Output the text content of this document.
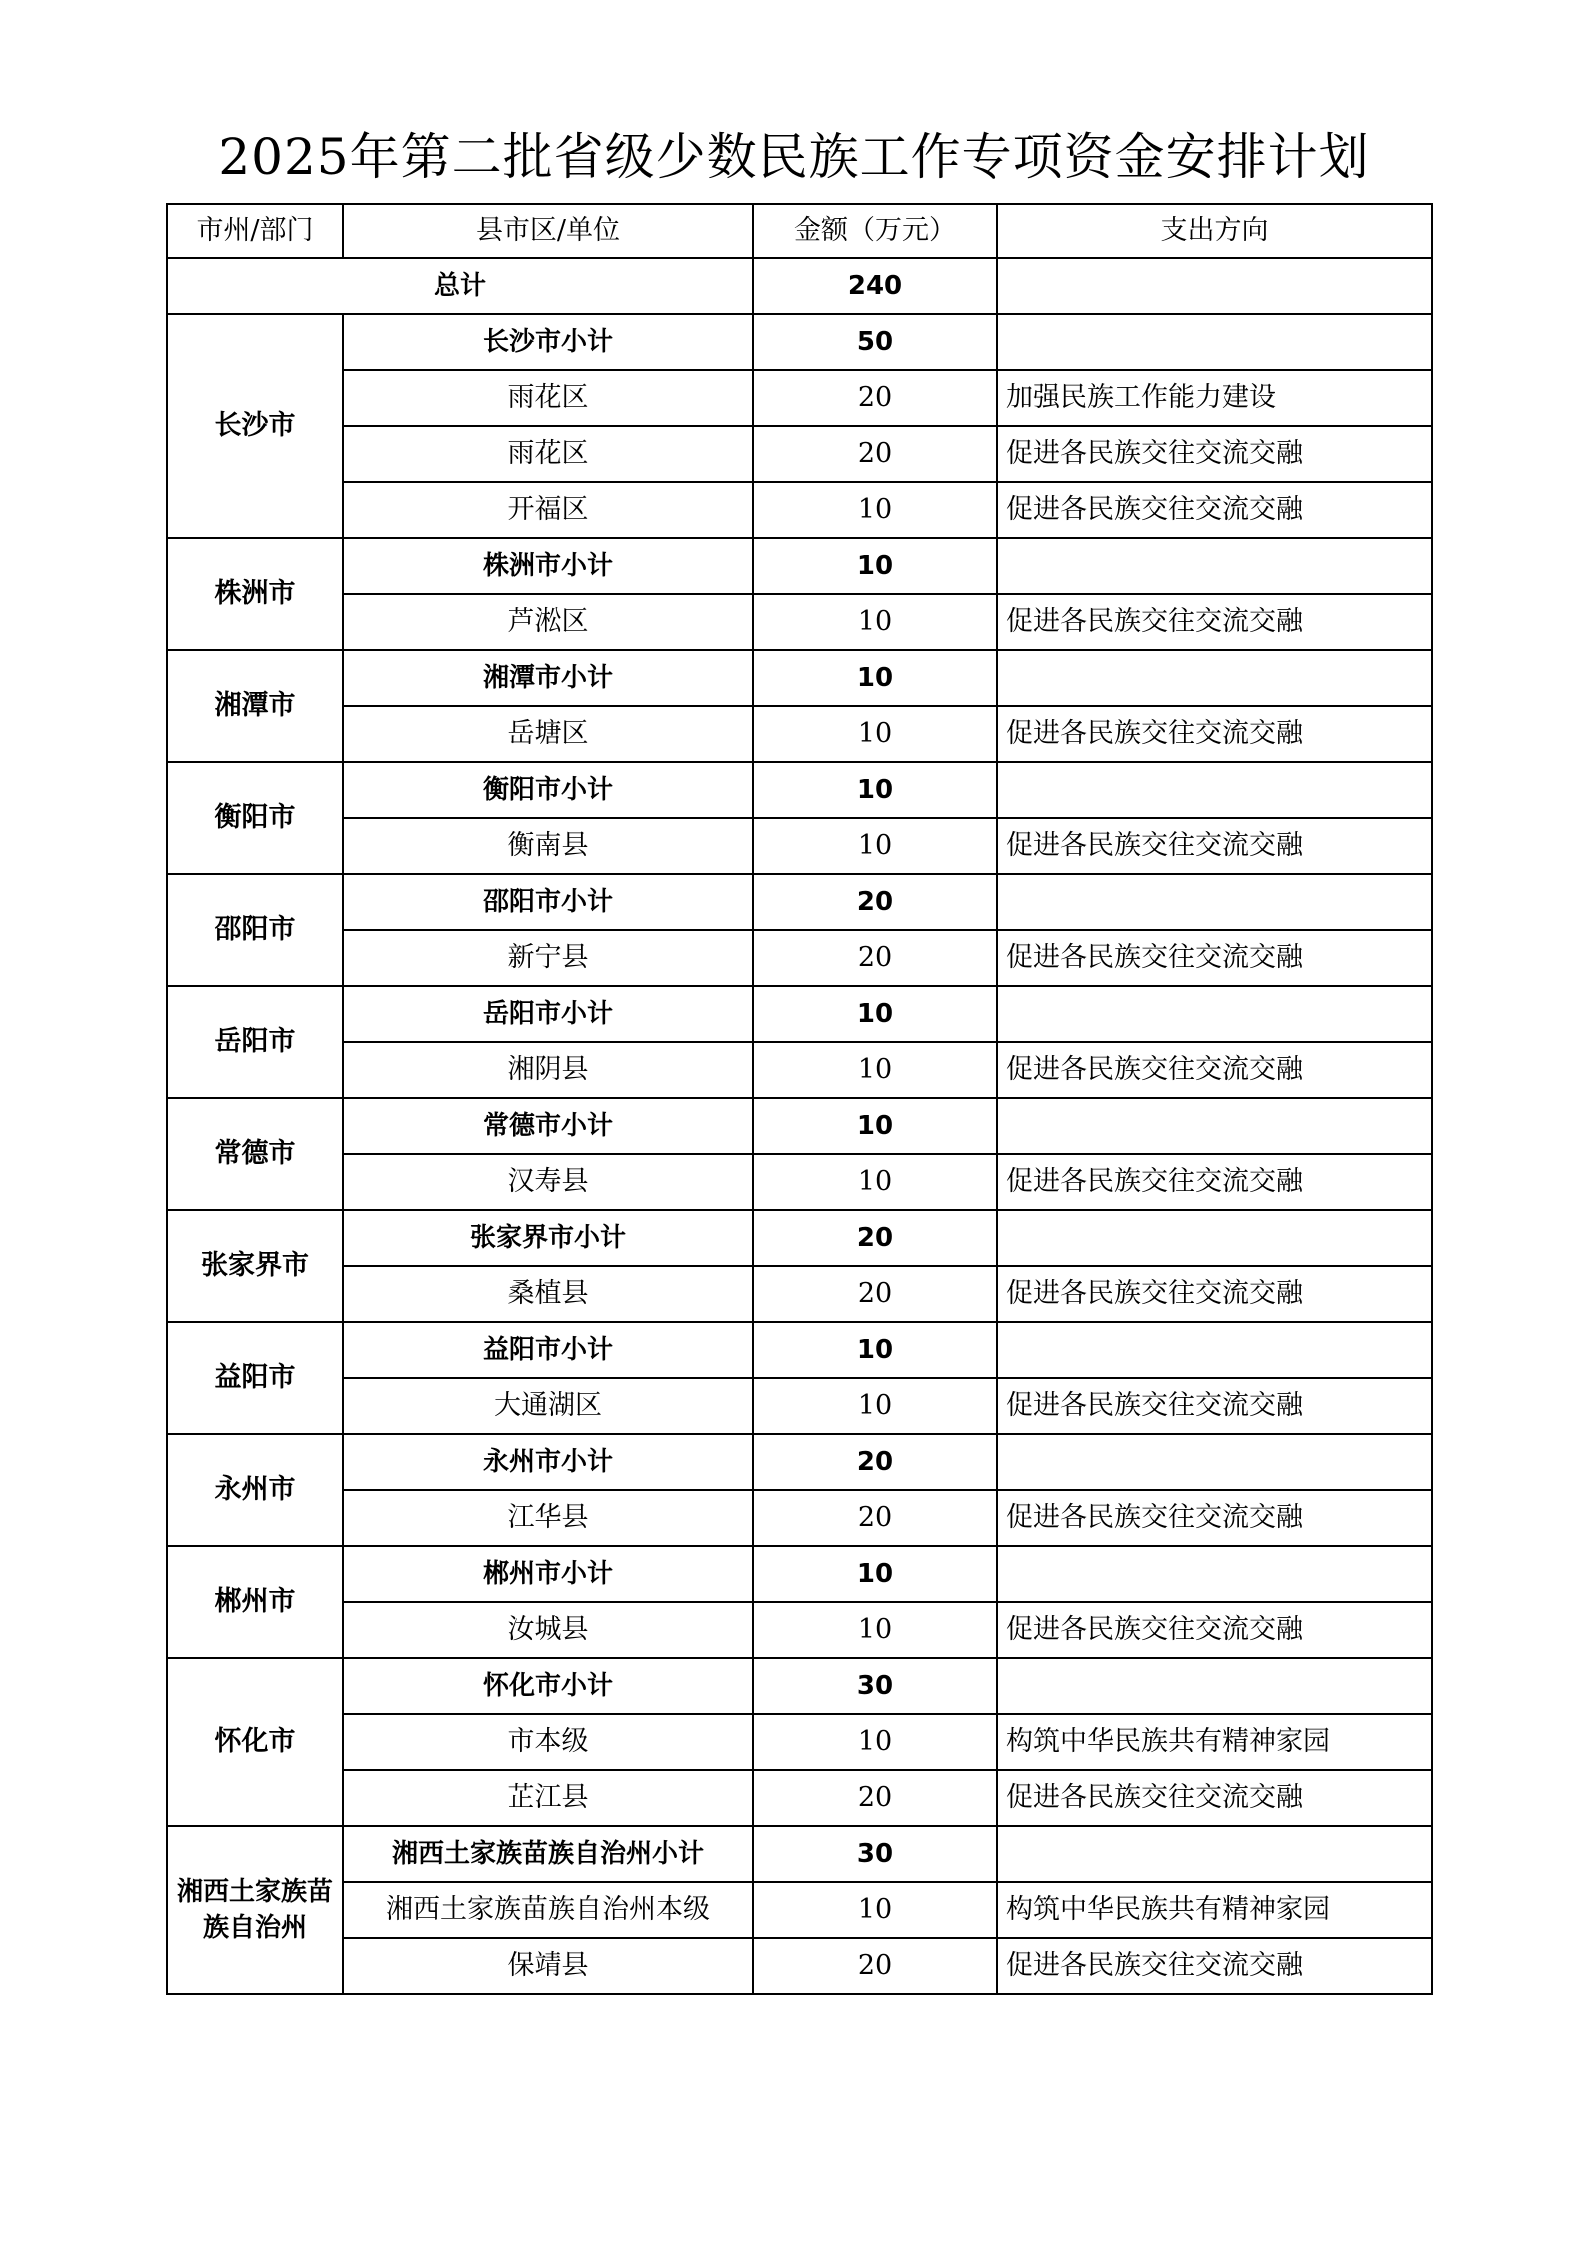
2025年第二批省级少数民族工作专项资金安排计划
市州/部门	县市区/单位	金额（万元）	支出方向
总计		240	
长沙市	长沙市小计	50	
	雨花区	20	加强民族工作能力建设
	雨花区	20	促进各民族交往交流交融
	开福区	10	促进各民族交往交流交融
株洲市	株洲市小计	10	
	芦淞区	10	促进各民族交往交流交融
湘潭市	湘潭市小计	10	
	岳塘区	10	促进各民族交往交流交融
衡阳市	衡阳市小计	10	
	衡南县	10	促进各民族交往交流交融
邵阳市	邵阳市小计	20	
	新宁县	20	促进各民族交往交流交融
岳阳市	岳阳市小计	10	
	湘阴县	10	促进各民族交往交流交融
常德市	常德市小计	10	
	汉寿县	10	促进各民族交往交流交融
张家界市	张家界市小计	20	
	桑植县	20	促进各民族交往交流交融
益阳市	益阳市小计	10	
	大通湖区	10	促进各民族交往交流交融
永州市	永州市小计	20	
	江华县	20	促进各民族交往交流交融
郴州市	郴州市小计	10	
	汝城县	10	促进各民族交往交流交融
怀化市	怀化市小计	30	
	市本级	10	构筑中华民族共有精神家园
	芷江县	20	促进各民族交往交流交融
湘西土家族苗族自治州	湘西土家族苗族自治州小计	30	
	湘西土家族苗族自治州本级	10	构筑中华民族共有精神家园
	保靖县	20	促进各民族交往交流交融
